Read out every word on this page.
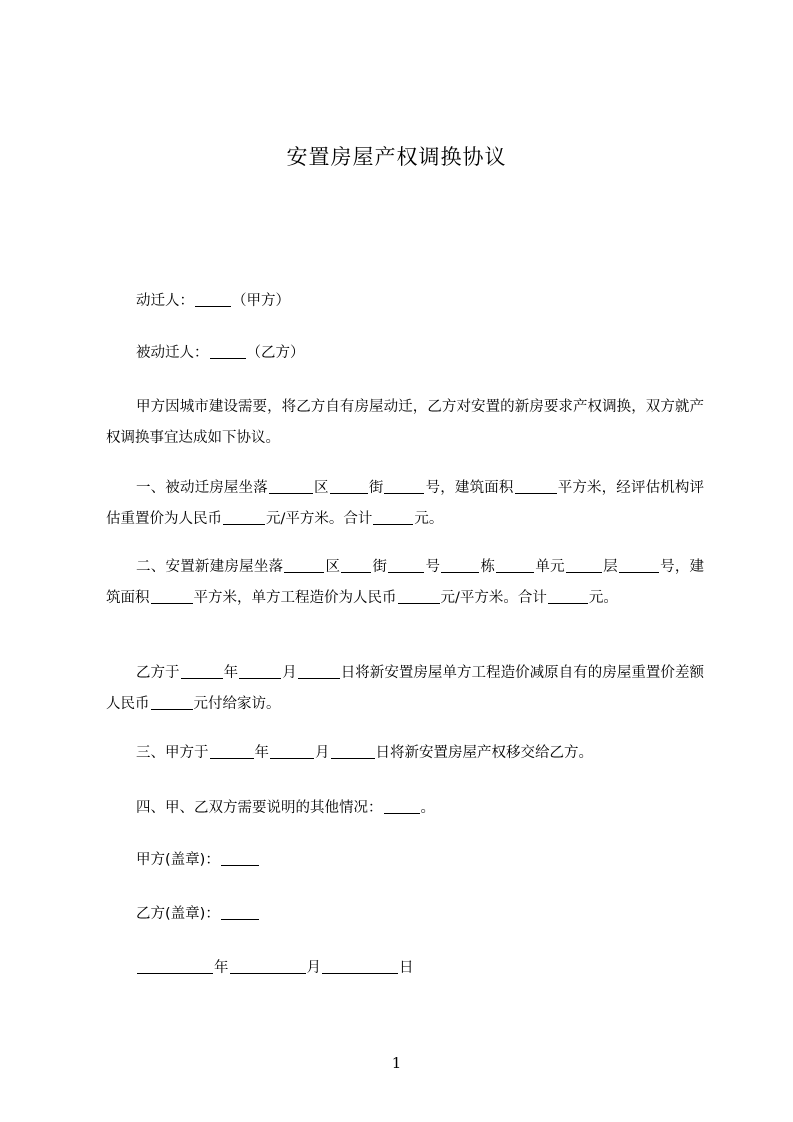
安置房屋产权调换协议
动迁人：	（甲方）
被动迁人：	（乙方）
甲方因城市建设需要，将乙方自有房屋动迁，乙方对安置的新房要求产权调换，双方就产权调换事宜达成如下协议。
一、被动迁房屋坐落	区	街	号，建筑面积	平方米，经评估机构评估重置价为人民币	元/平方米。合计	元。
二、安置新建房屋坐落	区 街	号	栋	单元	层	号，建筑面积	平方米，单方工程造价为人民币	元/平方米。合计	元。
乙方于	年	月	日将新安置房屋单方工程造价减原自有的房屋重置价差额人民币	元付给家访。
三、甲方于	年	月	日将新安置房屋产权移交给乙方。
四、甲、乙双方需要说明的其他情况：	。
甲方(盖章)：
乙方(盖章)：
年	月	日
1
